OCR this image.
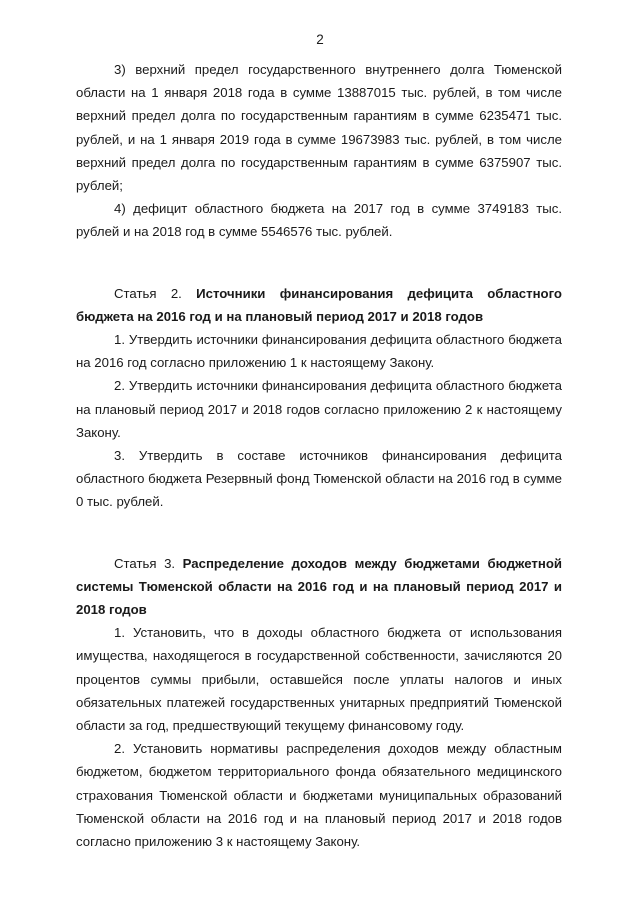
2

3) верхний предел государственного внутреннего долга Тюменской области на 1 января 2018 года в сумме 13887015 тыс. рублей, в том числе верхний предел долга по государственным гарантиям в сумме 6235471 тыс. рублей, и на 1 января 2019 года в сумме 19673983 тыс. рублей, в том числе верхний предел долга по государственным гарантиям в сумме 6375907 тыс. рублей;

4) дефицит областного бюджета на 2017 год в сумме 3749183 тыс. рублей и на 2018 год в сумме 5546576 тыс. рублей.

Статья 2. Источники финансирования дефицита областного бюджета на 2016 год и на плановый период 2017 и 2018 годов

1. Утвердить источники финансирования дефицита областного бюджета на 2016 год согласно приложению 1 к настоящему Закону.

2. Утвердить источники финансирования дефицита областного бюджета на плановый период 2017 и 2018 годов согласно приложению 2 к настоящему Закону.

3. Утвердить в составе источников финансирования дефицита областного бюджета Резервный фонд Тюменской области на 2016 год в сумме 0 тыс. рублей.

Статья 3. Распределение доходов между бюджетами бюджетной системы Тюменской области на 2016 год и на плановый период 2017 и 2018 годов

1. Установить, что в доходы областного бюджета от использования имущества, находящегося в государственной собственности, зачисляются 20 процентов суммы прибыли, оставшейся после уплаты налогов и иных обязательных платежей государственных унитарных предприятий Тюменской области за год, предшествующий текущему финансовому году.

2. Установить нормативы распределения доходов между областным бюджетом, бюджетом территориального фонда обязательного медицинского страхования Тюменской области и бюджетами муниципальных образований Тюменской области на 2016 год и на плановый период 2017 и 2018 годов согласно приложению 3 к настоящему Закону.
